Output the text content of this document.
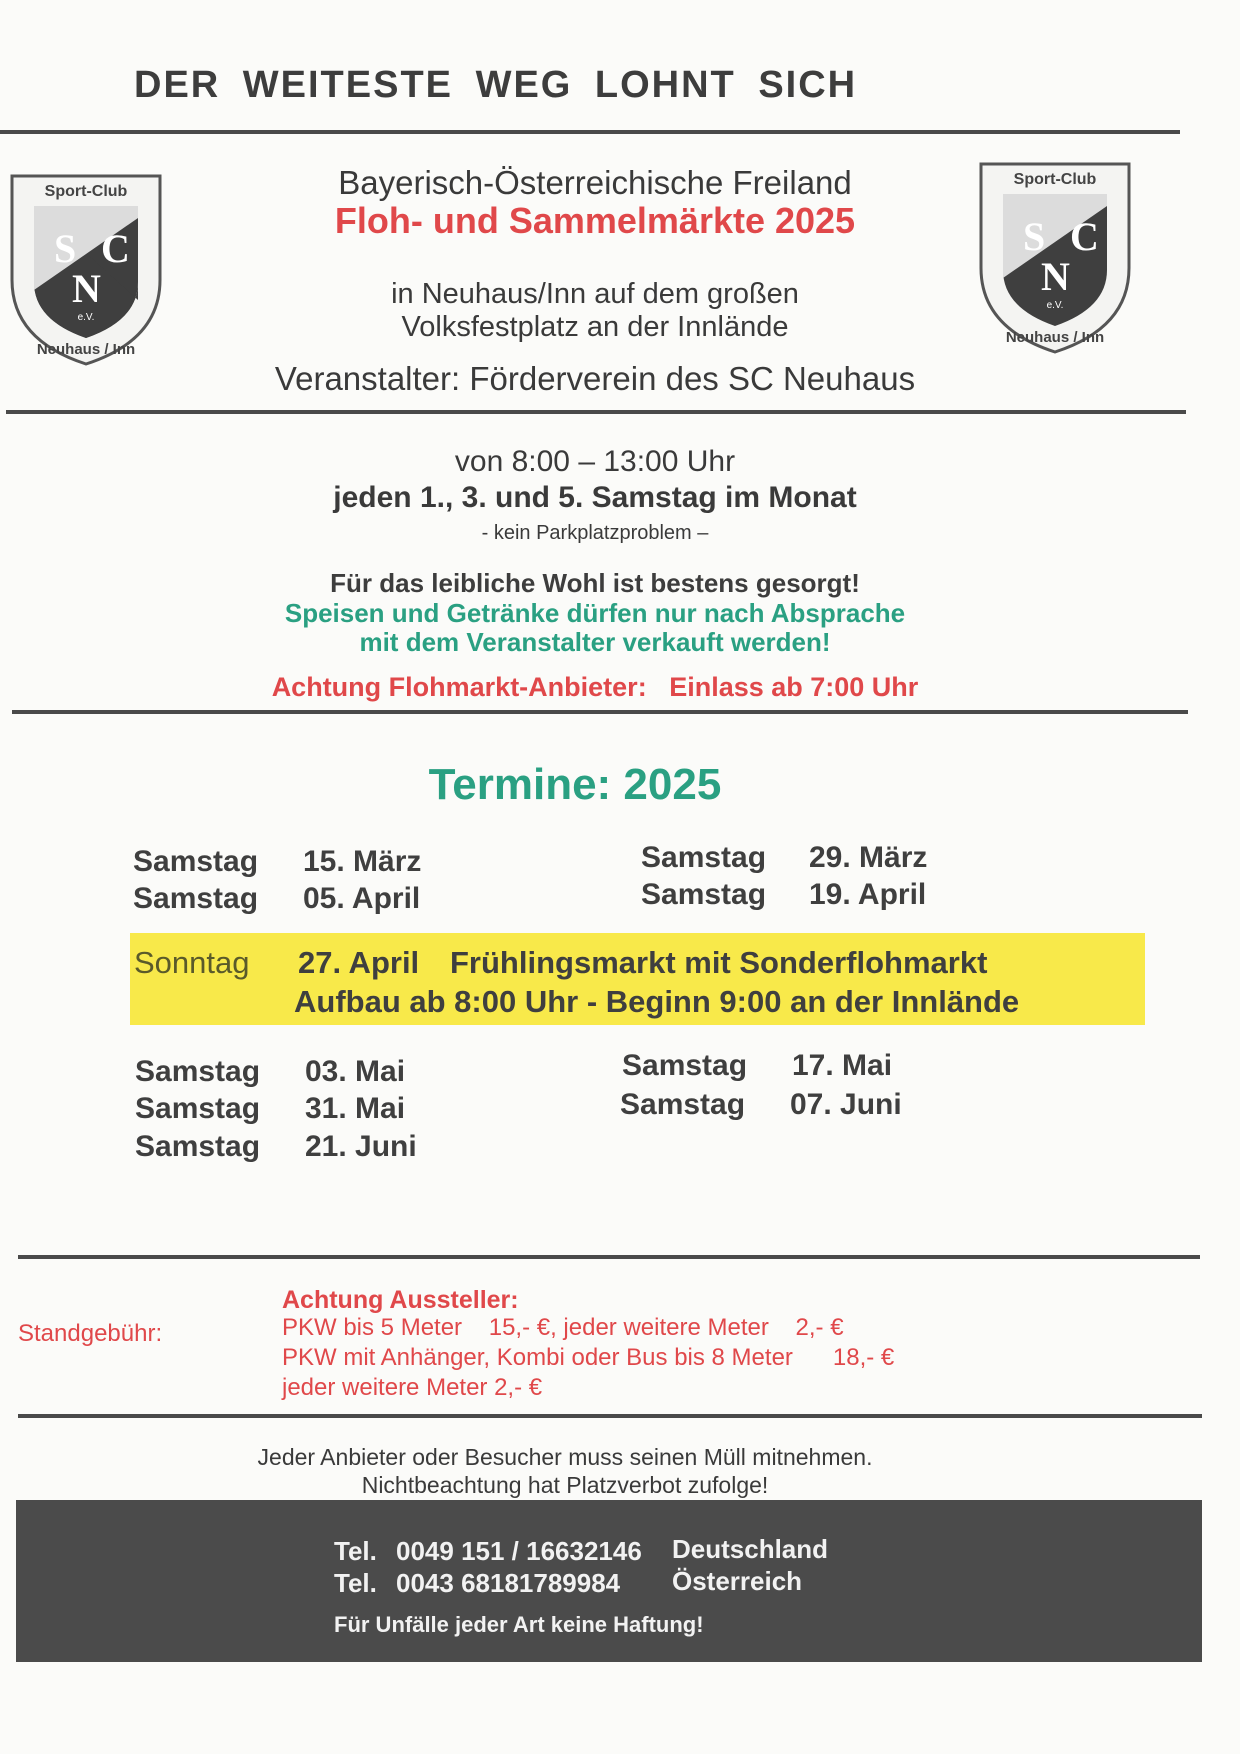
DER WEITESTE WEG LOHNT SICH
Sport-Club
S C
N
e.V.
Neuhaus / Inn
Sport-Club
S C
N
e.V.
Neuhaus / Inn
Bayerisch-Österreichische Freiland
Floh- und Sammelmärkte 2025
in Neuhaus/Inn auf dem großen
Volksfestplatz an der Innlände
Veranstalter: Förderverein des SC Neuhaus
von 8:00 – 13:00 Uhr
jeden 1., 3. und 5. Samstag im Monat
- kein Parkplatzproblem –
Für das leibliche Wohl ist bestens gesorgt!
Speisen und Getränke dürfen nur nach Absprache
mit dem Veranstalter verkauft werden!
Achtung Flohmarkt-Anbieter: Einlass ab 7:00 Uhr
Termine: 2025
Samstag 15. März
Samstag 05. April
Samstag 29. März
Samstag 19. April
Sonntag 27. April Frühlingsmarkt mit Sonderflohmarkt
Aufbau ab 8:00 Uhr - Beginn 9:00 an der Innlände
Samstag 03. Mai
Samstag 31. Mai
Samstag 21. Juni
Samstag 17. Mai
Samstag 07. Juni
Achtung Aussteller:
Standgebühr:	PKW bis 5 Meter    15,- €, jeder weitere Meter    2,- €
PKW mit Anhänger, Kombi oder Bus bis 8 Meter      18,- €
jeder weitere Meter 2,- €
Jeder Anbieter oder Besucher muss seinen Müll mitnehmen.
Nichtbeachtung hat Platzverbot zufolge!
Tel. 0049 151 / 16632146 Deutschland
Tel. 0043 68181789984 Österreich
Für Unfälle jeder Art keine Haftung!
